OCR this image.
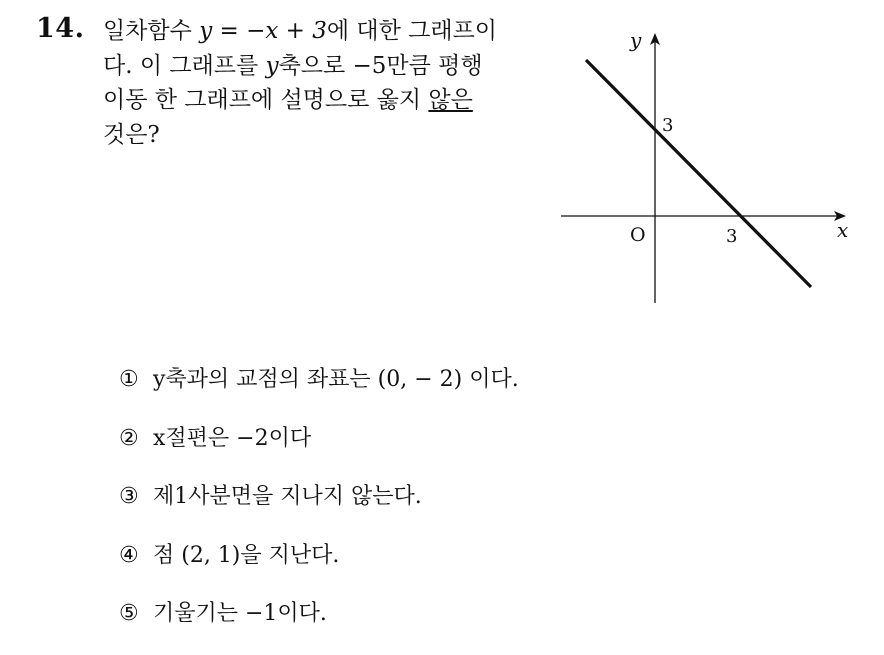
14. 일차함수 y = −x + 3에 대한 그래프이
다. 이 그래프를 y축으로 −5만큼 평행
이동 한 그래프에 설명으로 옳지 않은
것은?
y
x
O
3
3
① y축과의 교점의 좌표는 (0, − 2) 이다.
② x절편은 −2이다
③ 제1사분면을 지나지 않는다.
④ 점 (2, 1)을 지난다.
⑤ 기울기는 −1이다.
